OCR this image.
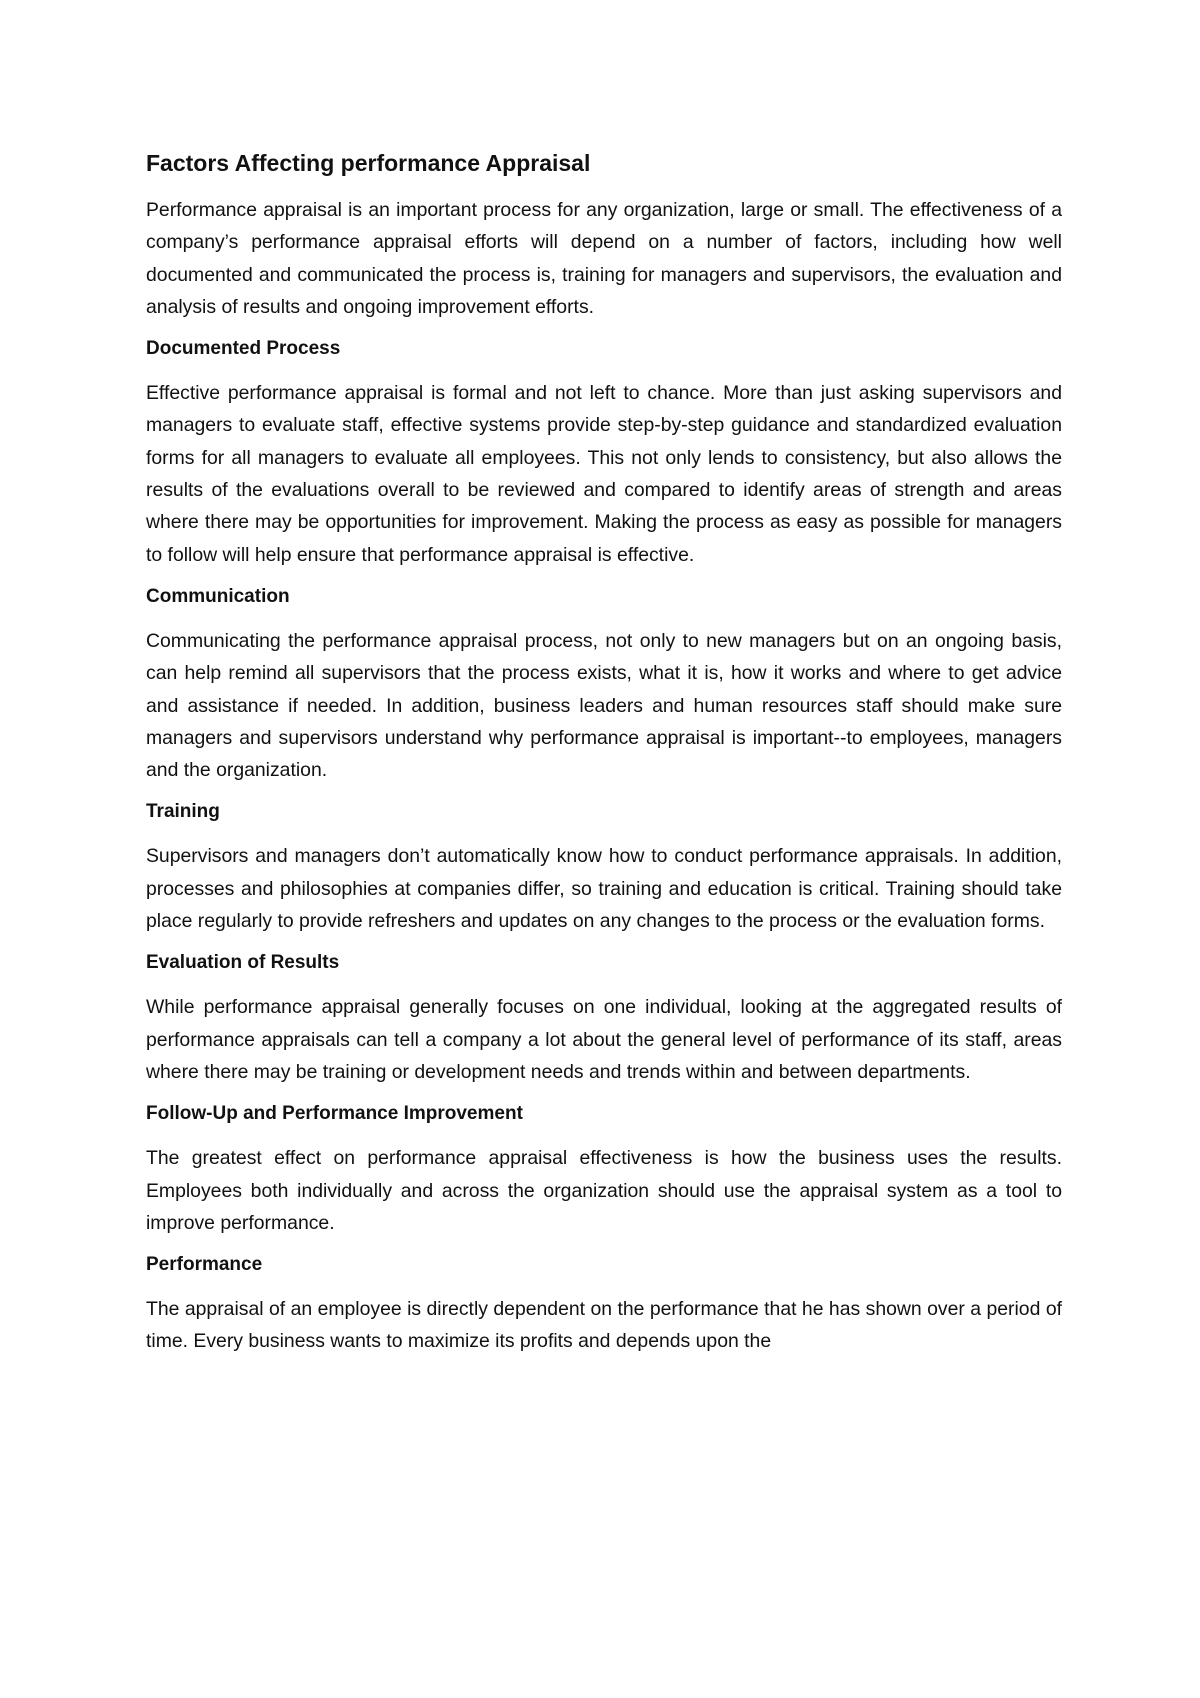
Factors Affecting performance Appraisal

Performance appraisal is an important process for any organization, large or small. The effectiveness of a company’s performance appraisal efforts will depend on a number of factors, including how well documented and communicated the process is, training for managers and supervisors, the evaluation and analysis of results and ongoing improvement efforts.

Documented Process

Effective performance appraisal is formal and not left to chance. More than just asking supervisors and managers to evaluate staff, effective systems provide step-by-step guidance and standardized evaluation forms for all managers to evaluate all employees. This not only lends to consistency, but also allows the results of the evaluations overall to be reviewed and compared to identify areas of strength and areas where there may be opportunities for improvement. Making the process as easy as possible for managers to follow will help ensure that performance appraisal is effective.

Communication

Communicating the performance appraisal process, not only to new managers but on an ongoing basis, can help remind all supervisors that the process exists, what it is, how it works and where to get advice and assistance if needed. In addition, business leaders and human resources staff should make sure managers and supervisors understand why performance appraisal is important--to employees, managers and the organization.

Training

Supervisors and managers don’t automatically know how to conduct performance appraisals. In addition, processes and philosophies at companies differ, so training and education is critical. Training should take place regularly to provide refreshers and updates on any changes to the process or the evaluation forms.

Evaluation of Results

While performance appraisal generally focuses on one individual, looking at the aggregated results of performance appraisals can tell a company a lot about the general level of performance of its staff, areas where there may be training or development needs and trends within and between departments.

Follow-Up and Performance Improvement

The greatest effect on performance appraisal effectiveness is how the business uses the results. Employees both individually and across the organization should use the appraisal system as a tool to improve performance.

Performance

The appraisal of an employee is directly dependent on the performance that he has shown over a period of time. Every business wants to maximize its profits and depends upon the
